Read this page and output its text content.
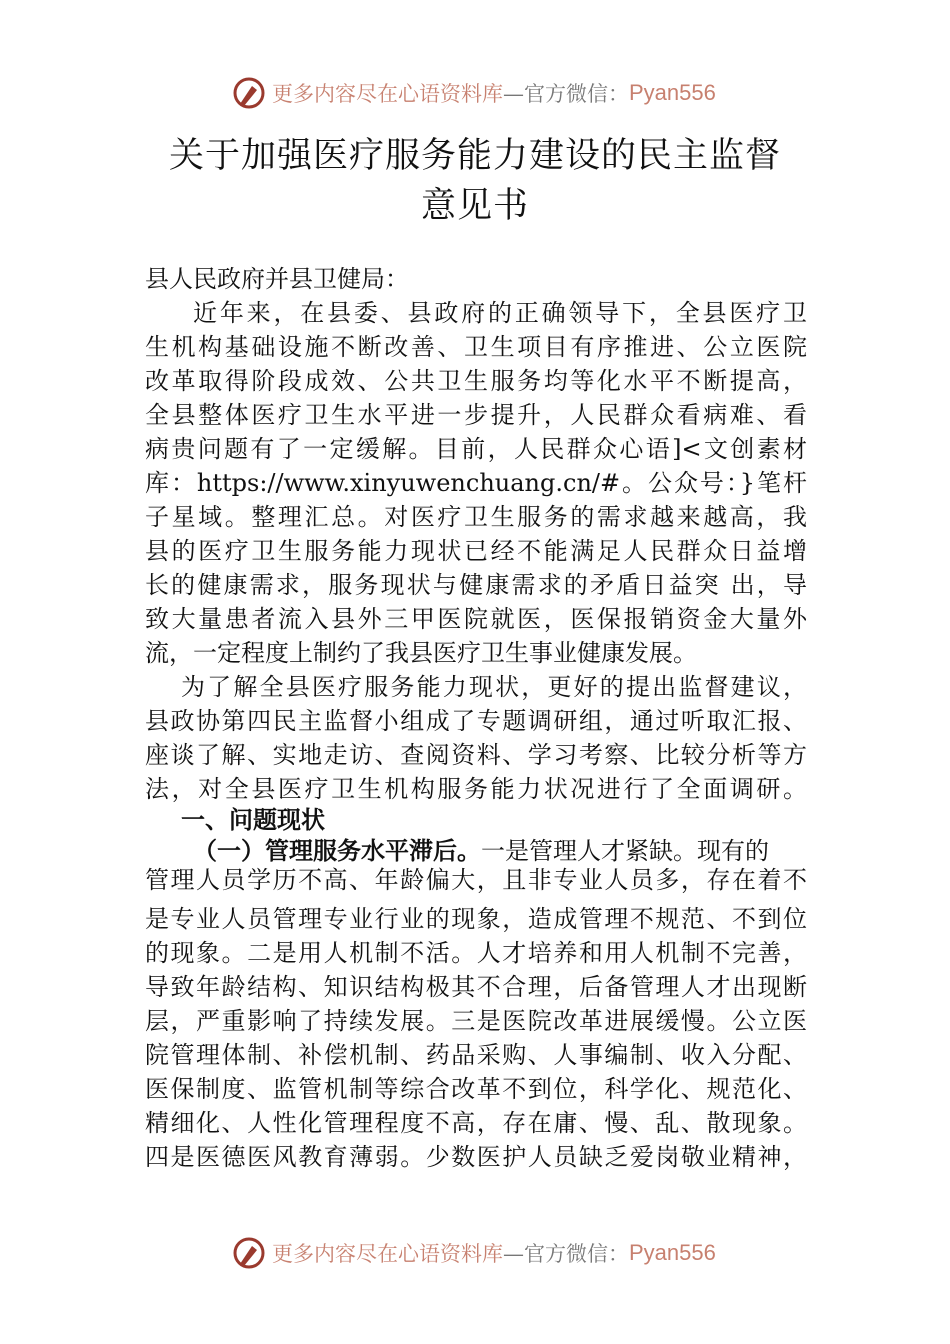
更多内容尽在心语资料库 —官方微信： Pyan556
关于加强医疗服务能力建设的民主监督
意见书
县人民政府并县卫健局：
近年来，在县委、县政府的正确领导下，全县医疗卫
生机构基础设施不断改善、卫生项目有序推进、公立医院
改革取得阶段成效、公共卫生服务均等化水平不断提高，
全县整体医疗卫生水平进一步提升，人民群众看病难、看
病贵问题有了一定缓解。目前，人民群众心语]<文创素材
库：https://www.xinyuwenchuang.cn/#。公众号：}笔杆
子星域。整理汇总。对医疗卫生服务的需求越来越高，我
县的医疗卫生服务能力现状已经不能满足人民群众日益增
长的健康需求，服务现状与健康需求的矛盾日益突 出，导
致大量患者流入县外三甲医院就医，医保报销资金大量外
流，一定程度上制约了我县医疗卫生事业健康发展。
为了解全县医疗服务能力现状，更好的提出监督建议，
县政协第四民主监督小组成了专题调研组，通过听取汇报、
座谈了解、实地走访、查阅资料、学习考察、比较分析等方
法，对全县医疗卫生机构服务能力状况进行了全面调研。
一、问题现状
（一）管理服务水平滞后。一是管理人才紧缺。现有的
管理人员学历不高、年龄偏大，且非专业人员多，存在着不
是专业人员管理专业行业的现象，造成管理不规范、不到位
的现象。二是用人机制不活。人才培养和用人机制不完善，
导致年龄结构、知识结构极其不合理，后备管理人才出现断
层，严重影响了持续发展。三是医院改革进展缓慢。公立医
院管理体制、补偿机制、药品采购、人事编制、收入分配、
医保制度、监管机制等综合改革不到位，科学化、规范化、
精细化、人性化管理程度不高，存在庸、慢、乱、散现象。
四是医德医风教育薄弱。少数医护人员缺乏爱岗敬业精神，
更多内容尽在心语资料库 —官方微信： Pyan556
